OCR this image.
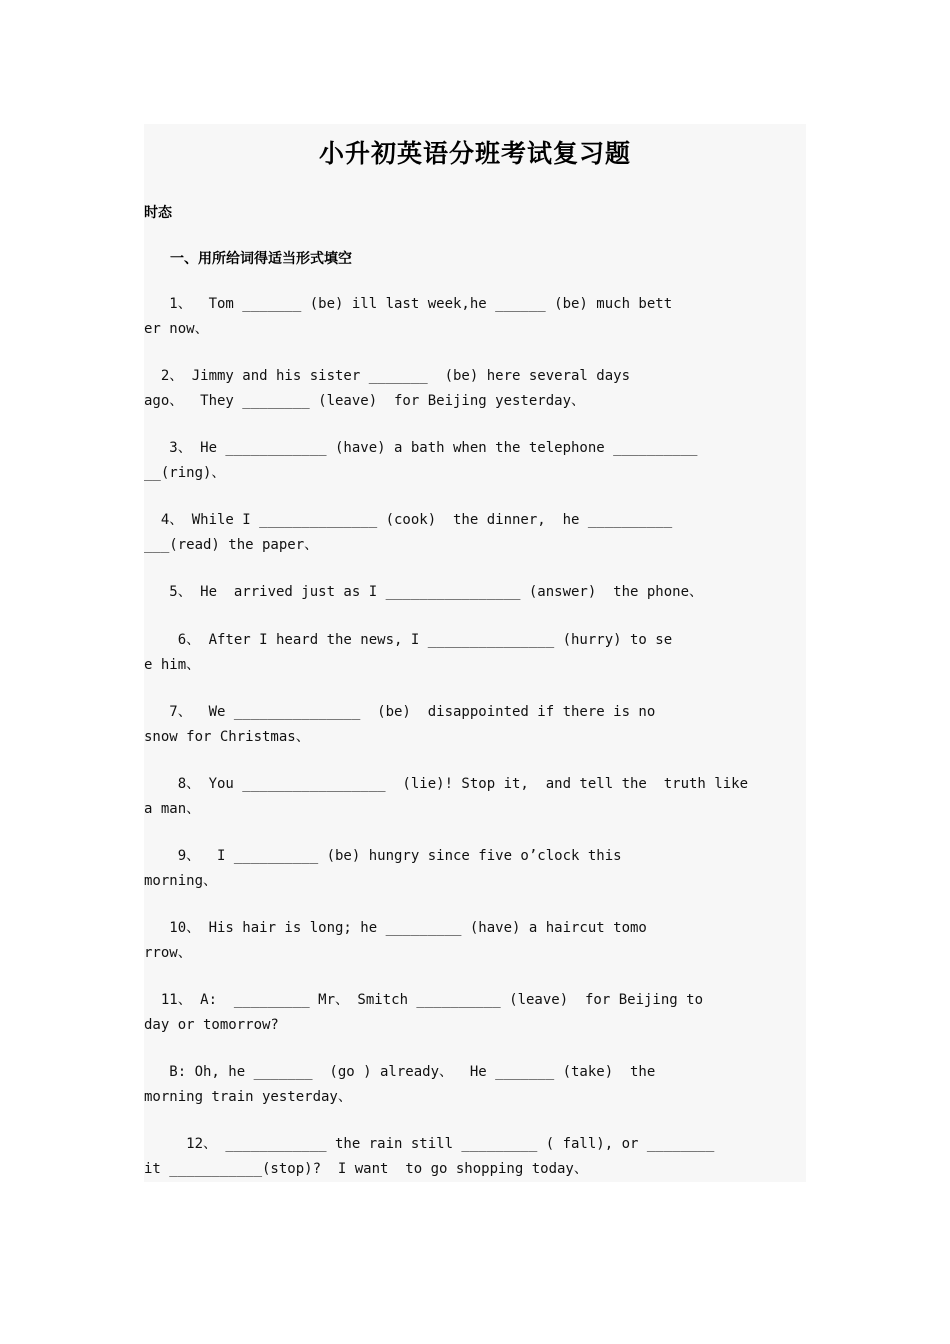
小升初英语分班考试复习题
时态
一、用所给词得适当形式填空
1、  Tom _______ (be) ill last week,he ______ (be) much bett
er now、
2、 Jimmy and his sister _______  (be) here several days
ago、  They ________ (leave)  for Beijing yesterday、
3、 He ____________ (have) a bath when the telephone __________
__(ring)、
4、 While I ______________ (cook)  the dinner,  he __________
___(read) the paper、
5、 He  arrived just as I ________________ (answer)  the phone、
6、 After I heard the news, I _______________ (hurry) to se
e him、
7、  We _______________  (be)  disappointed if there is no
snow for Christmas、
8、 You _________________  (lie)! Stop it,  and tell the  truth like
a man、
9、  I __________ (be) hungry since five o’clock this
morning、
10、 His hair is long; he _________ (have) a haircut tomo
rrow、
11、 A:  _________ Mr、 Smitch __________ (leave)  for Beijing to
day or tomorrow?
B: Oh, he _______  (go ) already、  He _______ (take)  the
morning train yesterday、
12、 ____________ the rain still _________ ( fall), or ________
it ___________(stop)?  I want  to go shopping today、
